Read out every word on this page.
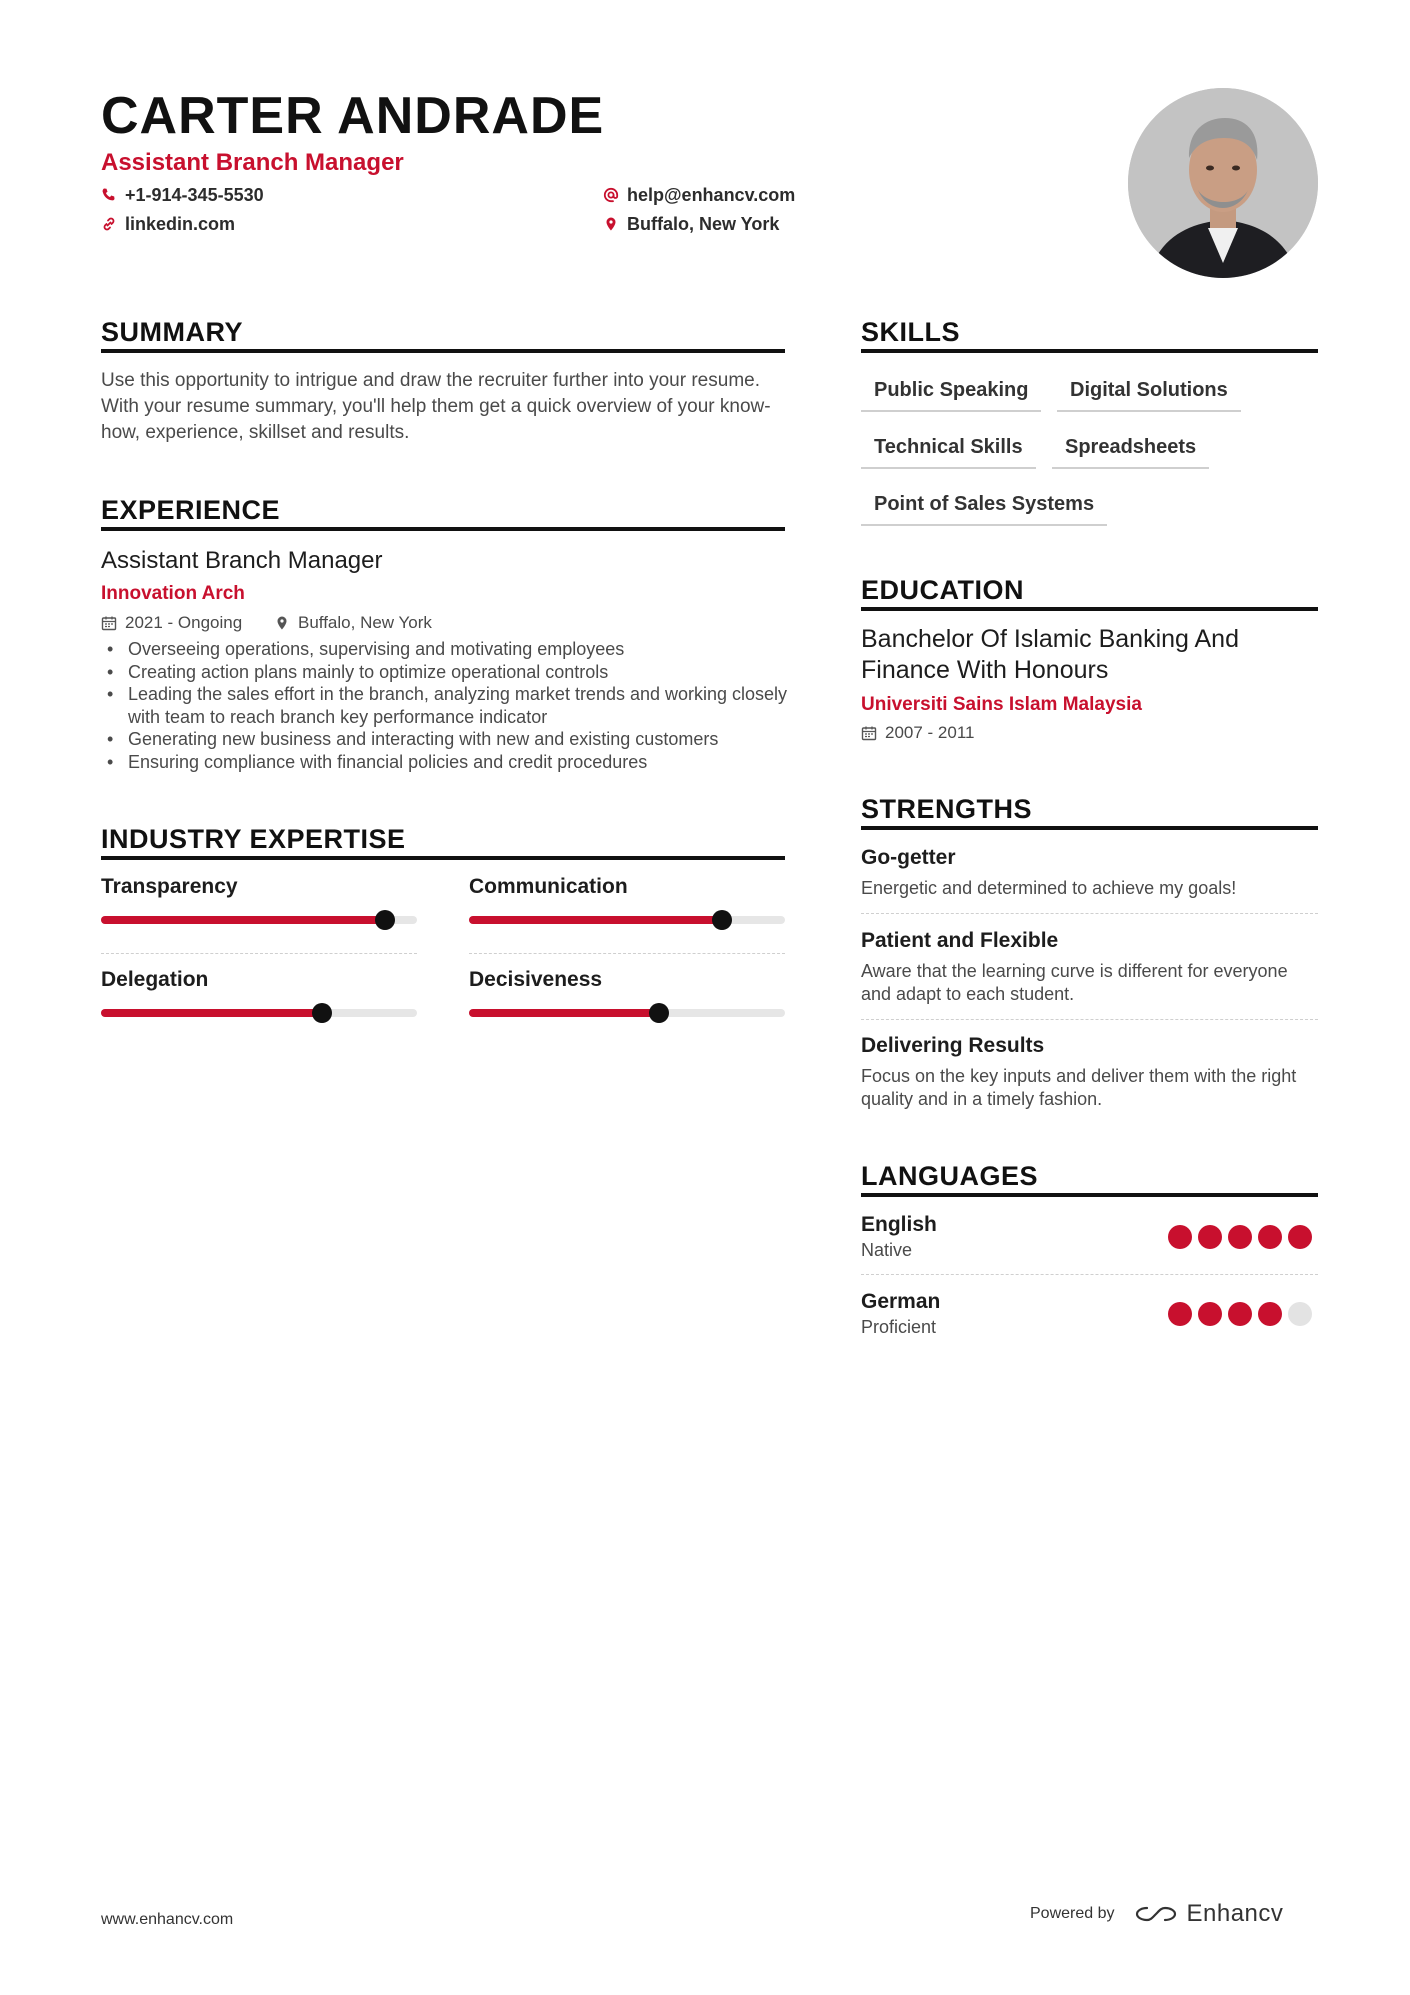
CARTER ANDRADE
Assistant Branch Manager
+1-914-345-5530
linkedin.com
help@enhancv.com
Buffalo, New York
SUMMARY
Use this opportunity to intrigue and draw the recruiter further into your resume. With your resume summary, you'll help them get a quick overview of your know-how, experience, skillset and results.
EXPERIENCE
Assistant Branch Manager
Innovation Arch
2021 - Ongoing	Buffalo, New York
• Overseeing operations, supervising and motivating employees
• Creating action plans mainly to optimize operational controls
• Leading the sales effort in the branch, analyzing market trends and working closely with team to reach branch key performance indicator
• Generating new business and interacting with new and existing customers
• Ensuring compliance with financial policies and credit procedures
INDUSTRY EXPERTISE
Transparency	Communication
Delegation	Decisiveness
SKILLS
Public Speaking	Digital Solutions
Technical Skills	Spreadsheets
Point of Sales Systems
EDUCATION
Banchelor Of Islamic Banking And Finance With Honours
Universiti Sains Islam Malaysia
2007 - 2011
STRENGTHS
Go-getter
Energetic and determined to achieve my goals!
Patient and Flexible
Aware that the learning curve is different for everyone and adapt to each student.
Delivering Results
Focus on the key inputs and deliver them with the right quality and in a timely fashion.
LANGUAGES
English
Native
German
Proficient
www.enhancv.com	Powered by	Enhancv
